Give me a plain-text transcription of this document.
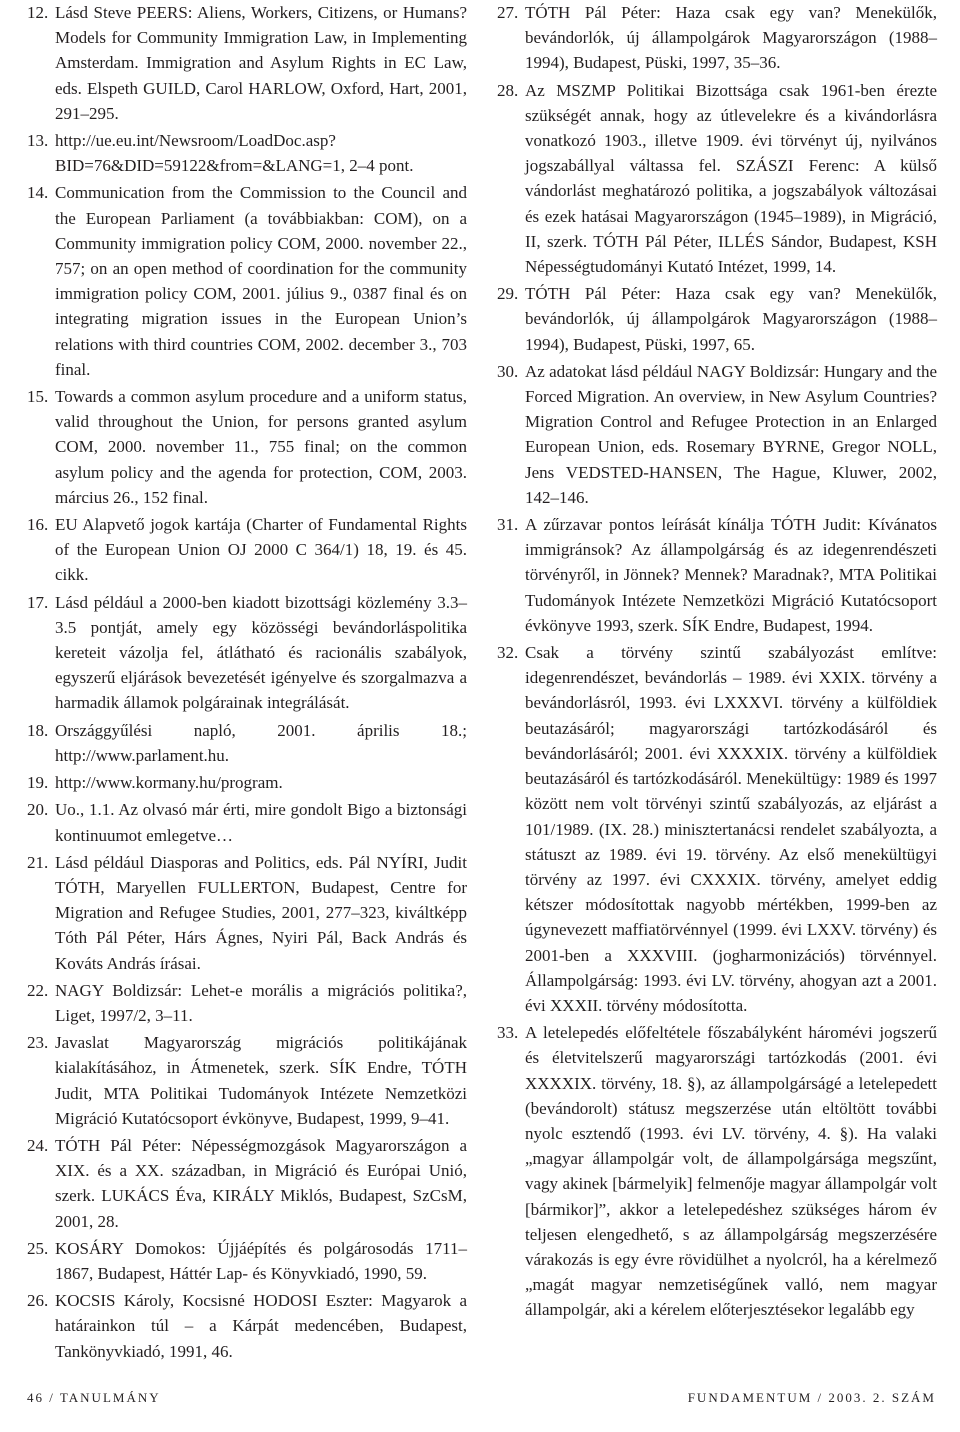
12. Lásd Steve PEERS: Aliens, Workers, Citizens, or Humans? Models for Community Immigration Law, in Implementing Amsterdam. Immigration and Asylum Rights in EC Law, eds. Elspeth GUILD, Carol HARLOW, Oxford, Hart, 2001, 291–295.

13. http://ue.eu.int/Newsroom/LoadDoc.asp?BID=76&DID=59122&from=&LANG=1, 2–4 pont.

14. Communication from the Commission to the Council and the European Parliament (a továbbiakban: COM), on a Community immigration policy COM, 2000. november 22., 757; on an open method of coordination for the community immigration policy COM, 2001. július 9., 0387 final és on integrating migration issues in the European Union’s relations with third countries COM, 2002. december 3., 703 final.

15. Towards a common asylum procedure and a uniform status, valid throughout the Union, for persons granted asylum COM, 2000. november 11., 755 final; on the common asylum policy and the agenda for protection, COM, 2003. március 26., 152 final.

16. EU Alapvető jogok kartája (Charter of Fundamental Rights of the European Union OJ 2000 C 364/1) 18, 19. és 45. cikk.

17. Lásd például a 2000-ben kiadott bizottsági közlemény 3.3–3.5 pontját, amely egy közösségi bevándorláspolitika kereteit vázolja fel, átlátható és racionális szabályok, egyszerű eljárások bevezetését igényelve és szorgalmazva a harmadik államok polgárainak integrálását.

18. Országgyűlési napló, 2001. április 18.; http://www.parlament.hu.

19. http://www.kormany.hu/program.

20. Uo., 1.1. Az olvasó már érti, mire gondolt Bigo a biztonsági kontinuumot emlegetve…

21. Lásd például Diasporas and Politics, eds. Pál NYÍRI, Judit TÓTH, Maryellen FULLERTON, Budapest, Centre for Migration and Refugee Studies, 2001, 277–323, kiváltképp Tóth Pál Péter, Hárs Ágnes, Nyiri Pál, Back András és Kováts András írásai.

22. NAGY Boldizsár: Lehet-e morális a migrációs politika?, Liget, 1997/2, 3–11.

23. Javaslat Magyarország migrációs politikájának kialakításához, in Átmenetek, szerk. SÍK Endre, TÓTH Judit, MTA Politikai Tudományok Intézete Nemzetközi Migráció Kutatócsoport évkönyve, Budapest, 1999, 9–41.

24. TÓTH Pál Péter: Népességmozgások Magyarországon a XIX. és a XX. században, in Migráció és Európai Unió, szerk. LUKÁCS Éva, KIRÁLY Miklós, Budapest, SzCsM, 2001, 28.

25. KOSÁRY Domokos: Újjáépítés és polgárosodás 1711–1867, Budapest, Háttér Lap- és Könyvkiadó, 1990, 59.

26. KOCSIS Károly, Kocsisné HODOSI Eszter: Magyarok a határainkon túl – a Kárpát medencében, Budapest, Tankönyvkiadó, 1991, 46.

27. TÓTH Pál Péter: Haza csak egy van? Menekülők, bevándorlók, új állampolgárok Magyarországon (1988–1994), Budapest, Püski, 1997, 35–36.

28. Az MSZMP Politikai Bizottsága csak 1961-ben érezte szükségét annak, hogy az útlevelekre és a kivándorlásra vonatkozó 1903., illetve 1909. évi törvényt új, nyilvános jogszabállyal váltassa fel. SZÁSZI Ferenc: A külső vándorlást meghatározó politika, a jogszabályok változásai és ezek hatásai Magyarországon (1945–1989), in Migráció, II, szerk. TÓTH Pál Péter, ILLÉS Sándor, Budapest, KSH Népességtudományi Kutató Intézet, 1999, 14.

29. TÓTH Pál Péter: Haza csak egy van? Menekülők, bevándorlók, új állampolgárok Magyarországon (1988–1994), Budapest, Püski, 1997, 65.

30. Az adatokat lásd például NAGY Boldizsár: Hungary and the Forced Migration. An overview, in New Asylum Countries? Migration Control and Refugee Protection in an Enlarged European Union, eds. Rosemary BYRNE, Gregor NOLL, Jens VEDSTED-HANSEN, The Hague, Kluwer, 2002, 142–146.

31. A zűrzavar pontos leírását kínálja TÓTH Judit: Kívánatos immigránsok? Az állampolgárság és az idegenrendészeti törvényről, in Jönnek? Mennek? Maradnak?, MTA Politikai Tudományok Intézete Nemzetközi Migráció Kutatócsoport évkönyve 1993, szerk. SÍK Endre, Budapest, 1994.

32. Csak a törvény szintű szabályozást említve: idegenrendészet, bevándorlás – 1989. évi XXIX. törvény a bevándorlásról, 1993. évi LXXXVI. törvény a külföldiek beutazásáról; magyarországi tartózkodásáról és bevándorlásáról; 2001. évi XXXXIX. törvény a külföldiek beutazásáról és tartózkodásáról. Menekültügy: 1989 és 1997 között nem volt törvényi szintű szabályozás, az eljárást a 101/1989. (IX. 28.) minisztertanácsi rendelet szabályozta, a státuszt az 1989. évi 19. törvény. Az első menekültügyi törvény az 1997. évi CXXXIX. törvény, amelyet eddig kétszer módosítottak nagyobb mértékben, 1999-ben az úgynevezett maffiatörvénnyel (1999. évi LXXV. törvény) és 2001-ben a XXXVIII. (jogharmonizációs) törvénnyel. Állampolgárság: 1993. évi LV. törvény, ahogyan azt a 2001. évi XXXII. törvény módosította.

33. A letelepedés előfeltétele főszabályként háromévi jogszerű és életvitelszerű magyarországi tartózkodás (2001. évi XXXXIX. törvény, 18. §), az állampolgárságé a letelepedett (bevándorolt) státusz megszerzése után eltöltött további nyolc esztendő (1993. évi LV. törvény, 4. §). Ha valaki „magyar állampolgár volt, de állampolgársága megszűnt, vagy akinek [bármelyik] felmenője magyar állampolgár volt [bármikor]”, akkor a letelepedéshez szükséges három év teljesen elengedhető, s az állampolgárság megszerzésére várakozás is egy évre rövidülhet a nyolcról, ha a kérelmező „magát magyar nemzetiségűnek valló, nem magyar állampolgár, aki a kérelem előterjesztésekor legalább egy

46 / TANULMÁNY	FUNDAMENTUM / 2003. 2. SZÁM
